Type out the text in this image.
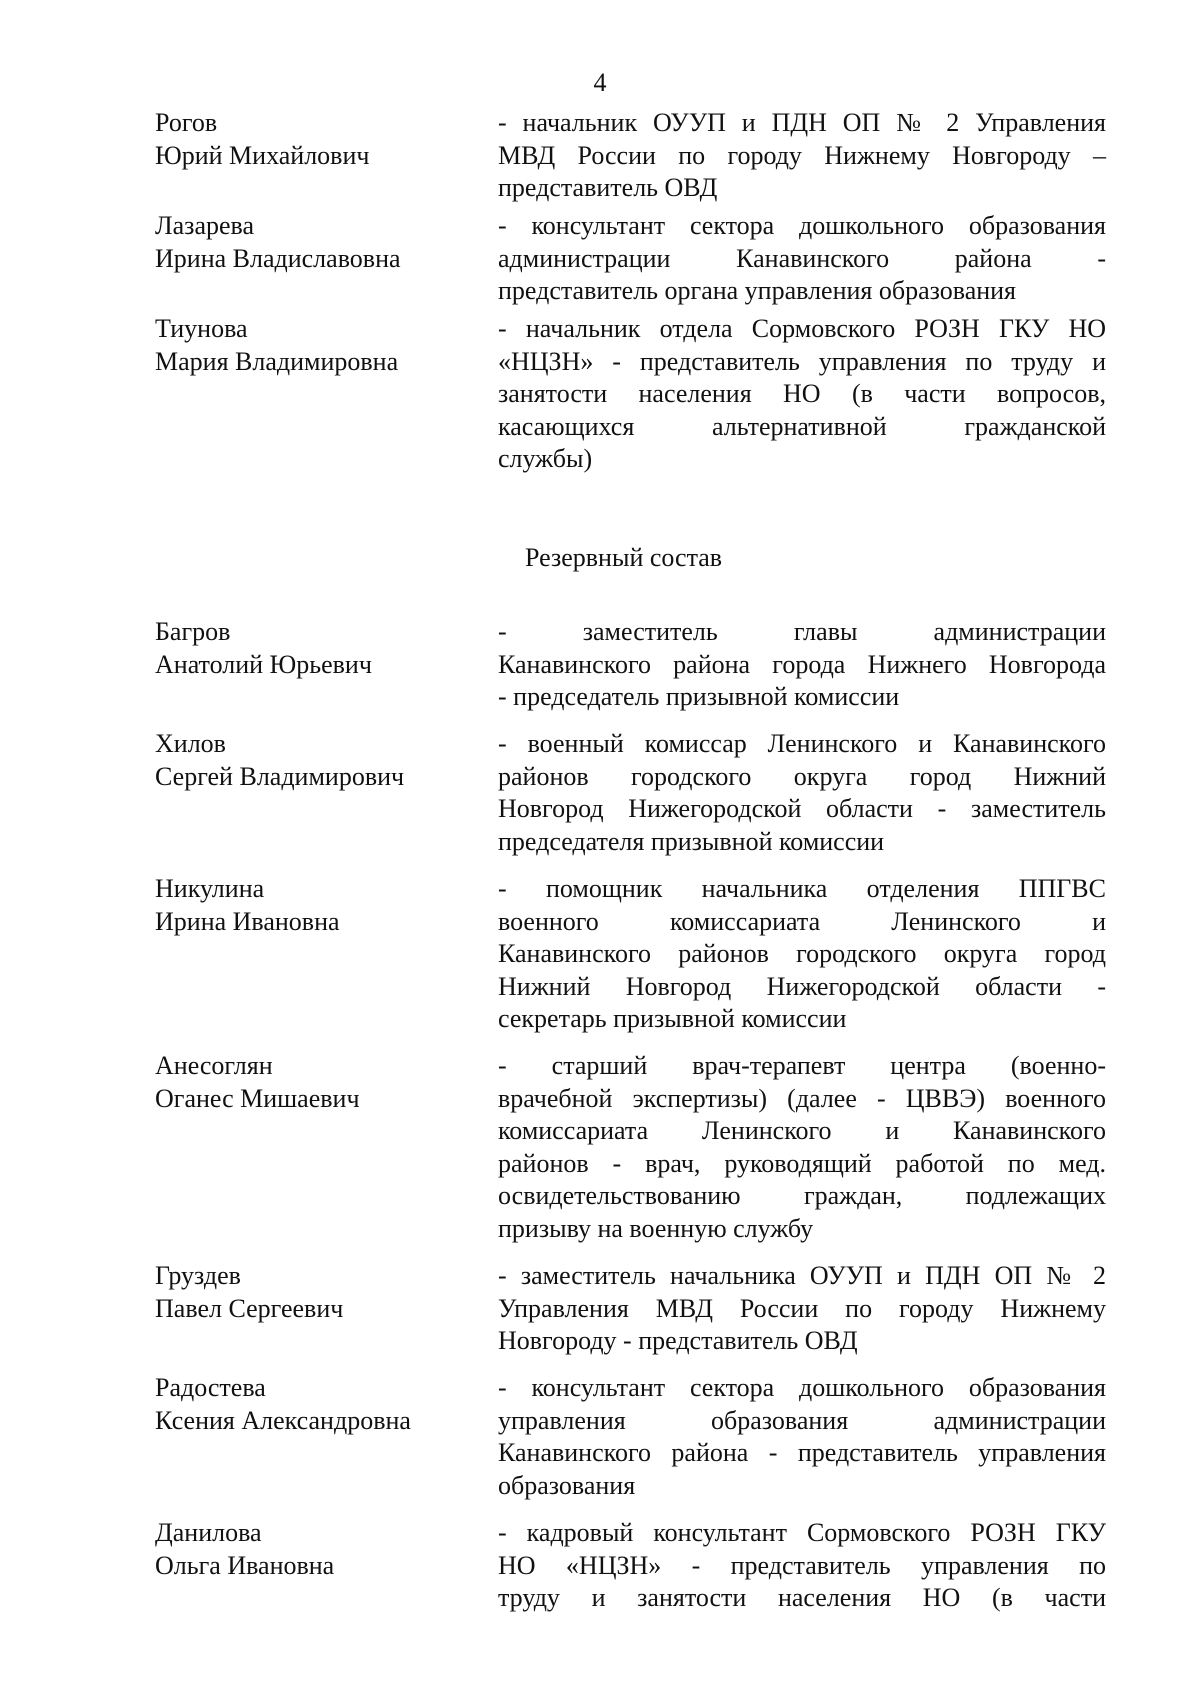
4
Рогов
Юрий Михайлович
- начальник ОУУП и ПДН ОП № 2 Управления
МВД России по городу Нижнему Новгороду –
представитель ОВД
Лазарева
Ирина Владиславовна
- консультант сектора дошкольного образования
администрации Канавинского района -
представитель органа управления образования
Тиунова
Мария Владимировна
- начальник отдела Сормовского РОЗН ГКУ НО
«НЦЗН» - представитель управления по труду и
занятости населения НО (в части вопросов,
касающихся альтернативной гражданской
службы)
Резервный состав
Багров
Анатолий Юрьевич
- заместитель главы администрации
Канавинского района города Нижнего Новгорода
- председатель призывной комиссии
Хилов
Сергей Владимирович
- военный комиссар Ленинского и Канавинского
районов городского округа город Нижний
Новгород Нижегородской области - заместитель
председателя призывной комиссии
Никулина
Ирина Ивановна
- помощник начальника отделения ППГВС
военного комиссариата Ленинского и
Канавинского районов городского округа город
Нижний Новгород Нижегородской области -
секретарь призывной комиссии
Анесоглян
Оганес Мишаевич
- старший врач-терапевт центра (военно-
врачебной экспертизы) (далее - ЦВВЭ) военного
комиссариата Ленинского и Канавинского
районов - врач, руководящий работой по мед.
освидетельствованию граждан, подлежащих
призыву на военную службу
Груздев
Павел Сергеевич
- заместитель начальника ОУУП и ПДН ОП № 2
Управления МВД России по городу Нижнему
Новгороду - представитель ОВД
Радостева
Ксения Александровна
- консультант сектора дошкольного образования
управления образования администрации
Канавинского района - представитель управления
образования
Данилова
Ольга Ивановна
- кадровый консультант Сормовского РОЗН ГКУ
НО «НЦЗН» - представитель управления по
труду и занятости населения НО (в части
